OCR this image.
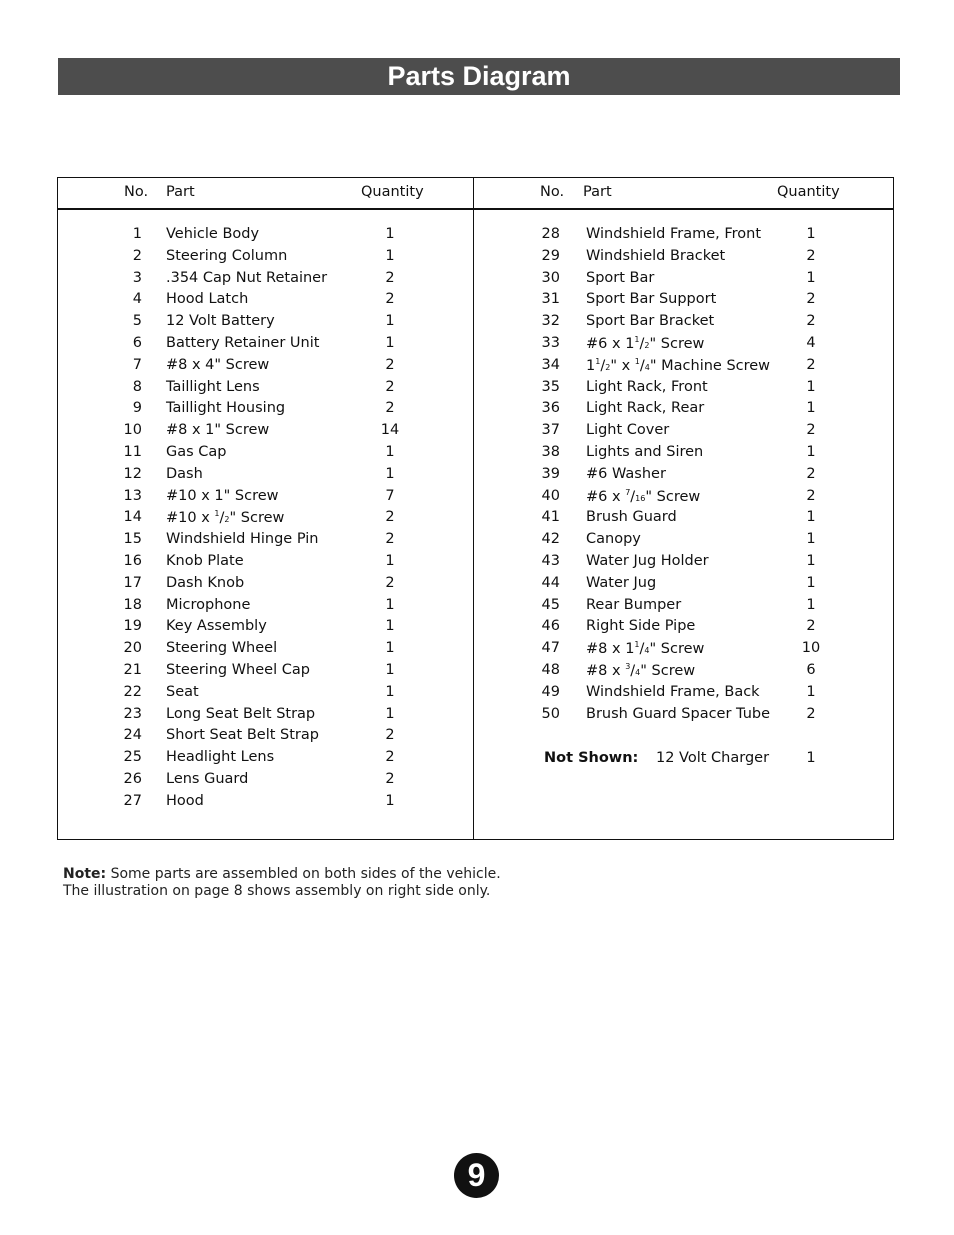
Parts Diagram
No. Part	Quantity	No. Part	Quantity
1 Vehicle Body	1
2 Steering Column	1
3 .354 Cap Nut Retainer	2
4 Hood Latch	2
5 12 Volt Battery	1
6 Battery Retainer Unit	1
7 #8 x 4" Screw	2
8 Taillight Lens	2
9 Taillight Housing	2
10 #8 x 1" Screw	14
11 Gas Cap	1
12 Dash	1
13 #10 x 1" Screw	7
14 #10 x $^1$/2" Screw	2
15 Windshield Hinge Pin	2
16 Knob Plate	1
17 Dash Knob	2
18 Microphone	1
19 Key Assembly	1
20 Steering Wheel	1
21 Steering Wheel Cap	1
22 Seat	1
23 Long Seat Belt Strap	1
24 Short Seat Belt Strap	2
25 Headlight Lens	2
26 Lens Guard	2
27 Hood	1
28 Windshield Frame, Front	1
29 Windshield Bracket	2
30 Sport Bar	1
31 Sport Bar Support	2
32 Sport Bar Bracket	2
33 #6 x $1^1/2$" Screw	4
34 $1^1/2$" x $^1$/4" Machine Screw	2
35 Light Rack, Front	1
36 Light Rack, Rear	1
37 Light Cover	2
38 Lights and Siren	1
39 #6 Washer	2
40 #6 x $^7$/16" Screw	2
41 Brush Guard	1
42 Canopy	1
43 Water Jug Holder	1
44 Water Jug	1
45 Rear Bumper	1
46 Right Side Pipe	2
47 #8 x $1^1/4$" Screw	10
48 #8 x $^3$/4" Screw	6
49 Windshield Frame, Back	1
50 Brush Guard Spacer Tube	2
Not Shown: 12 Volt Charger	1
Note: Some parts are assembled on both sides of the vehicle.
The illustration on page 8 shows assembly on right side only.
9
